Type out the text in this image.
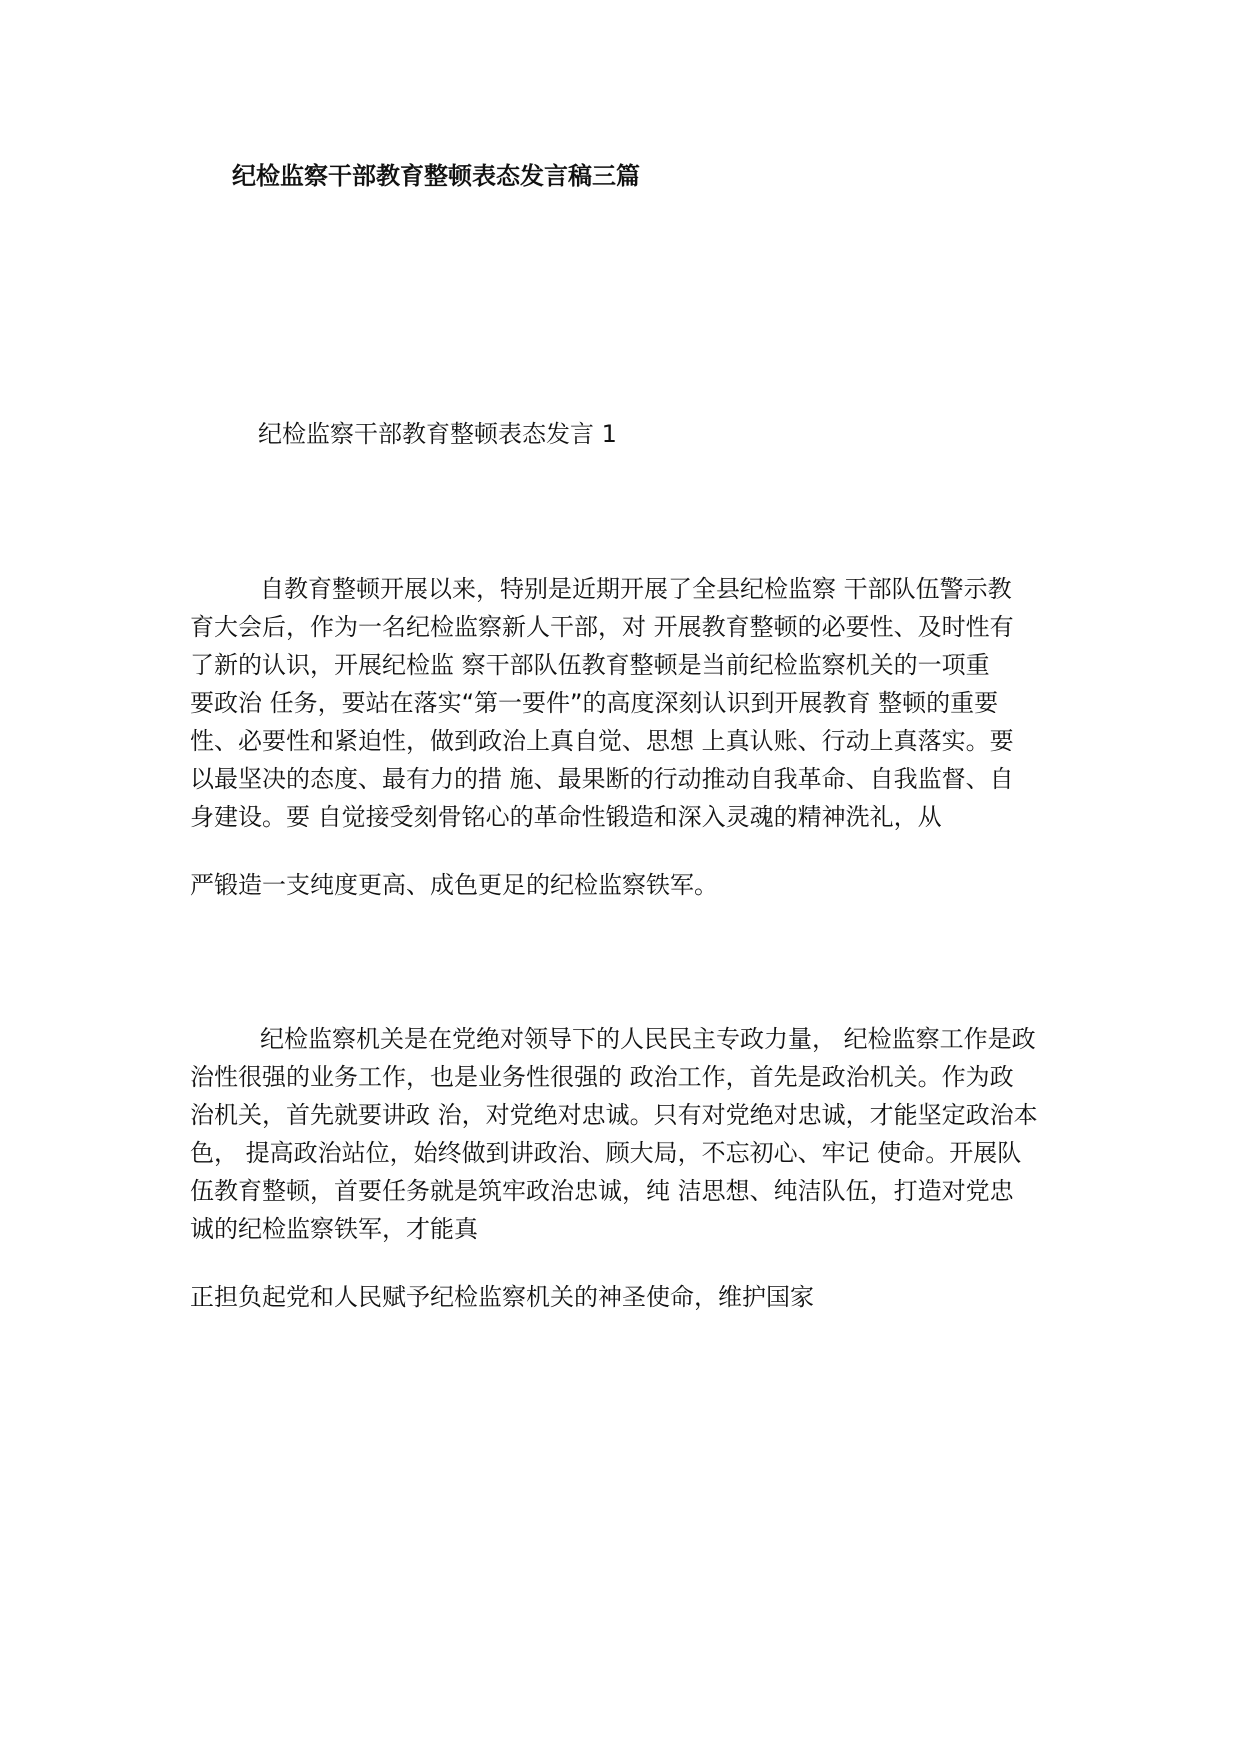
纪检监察干部教育整顿表态发言稿三篇
纪检监察干部教育整顿表态发言 1
自教育整顿开展以来，特别是近期开展了全县纪检监察 干部队伍警示教
育大会后，作为一名纪检监察新人干部，对 开展教育整顿的必要性、及时性有
了新的认识，开展纪检监 察干部队伍教育整顿是当前纪检监察机关的一项重
要政治 任务，要站在落实“第一要件”的高度深刻认识到开展教育 整顿的重要
性、必要性和紧迫性，做到政治上真自觉、思想 上真认账、行动上真落实。要
以最坚决的态度、最有力的措 施、最果断的行动推动自我革命、自我监督、自
身建设。要 自觉接受刻骨铭心的革命性锻造和深入灵魂的精神洗礼，从
严锻造一支纯度更高、成色更足的纪检监察铁军。
纪检监察机关是在党绝对领导下的人民民主专政力量， 纪检监察工作是政
治性很强的业务工作，也是业务性很强的 政治工作，首先是政治机关。作为政
治机关，首先就要讲政 治，对党绝对忠诚。只有对党绝对忠诚，才能坚定政治本
色， 提高政治站位，始终做到讲政治、顾大局，不忘初心、牢记 使命。开展队
伍教育整顿，首要任务就是筑牢政治忠诚，纯 洁思想、纯洁队伍，打造对党忠
诚的纪检监察铁军，才能真
正担负起党和人民赋予纪检监察机关的神圣使命，维护国家
